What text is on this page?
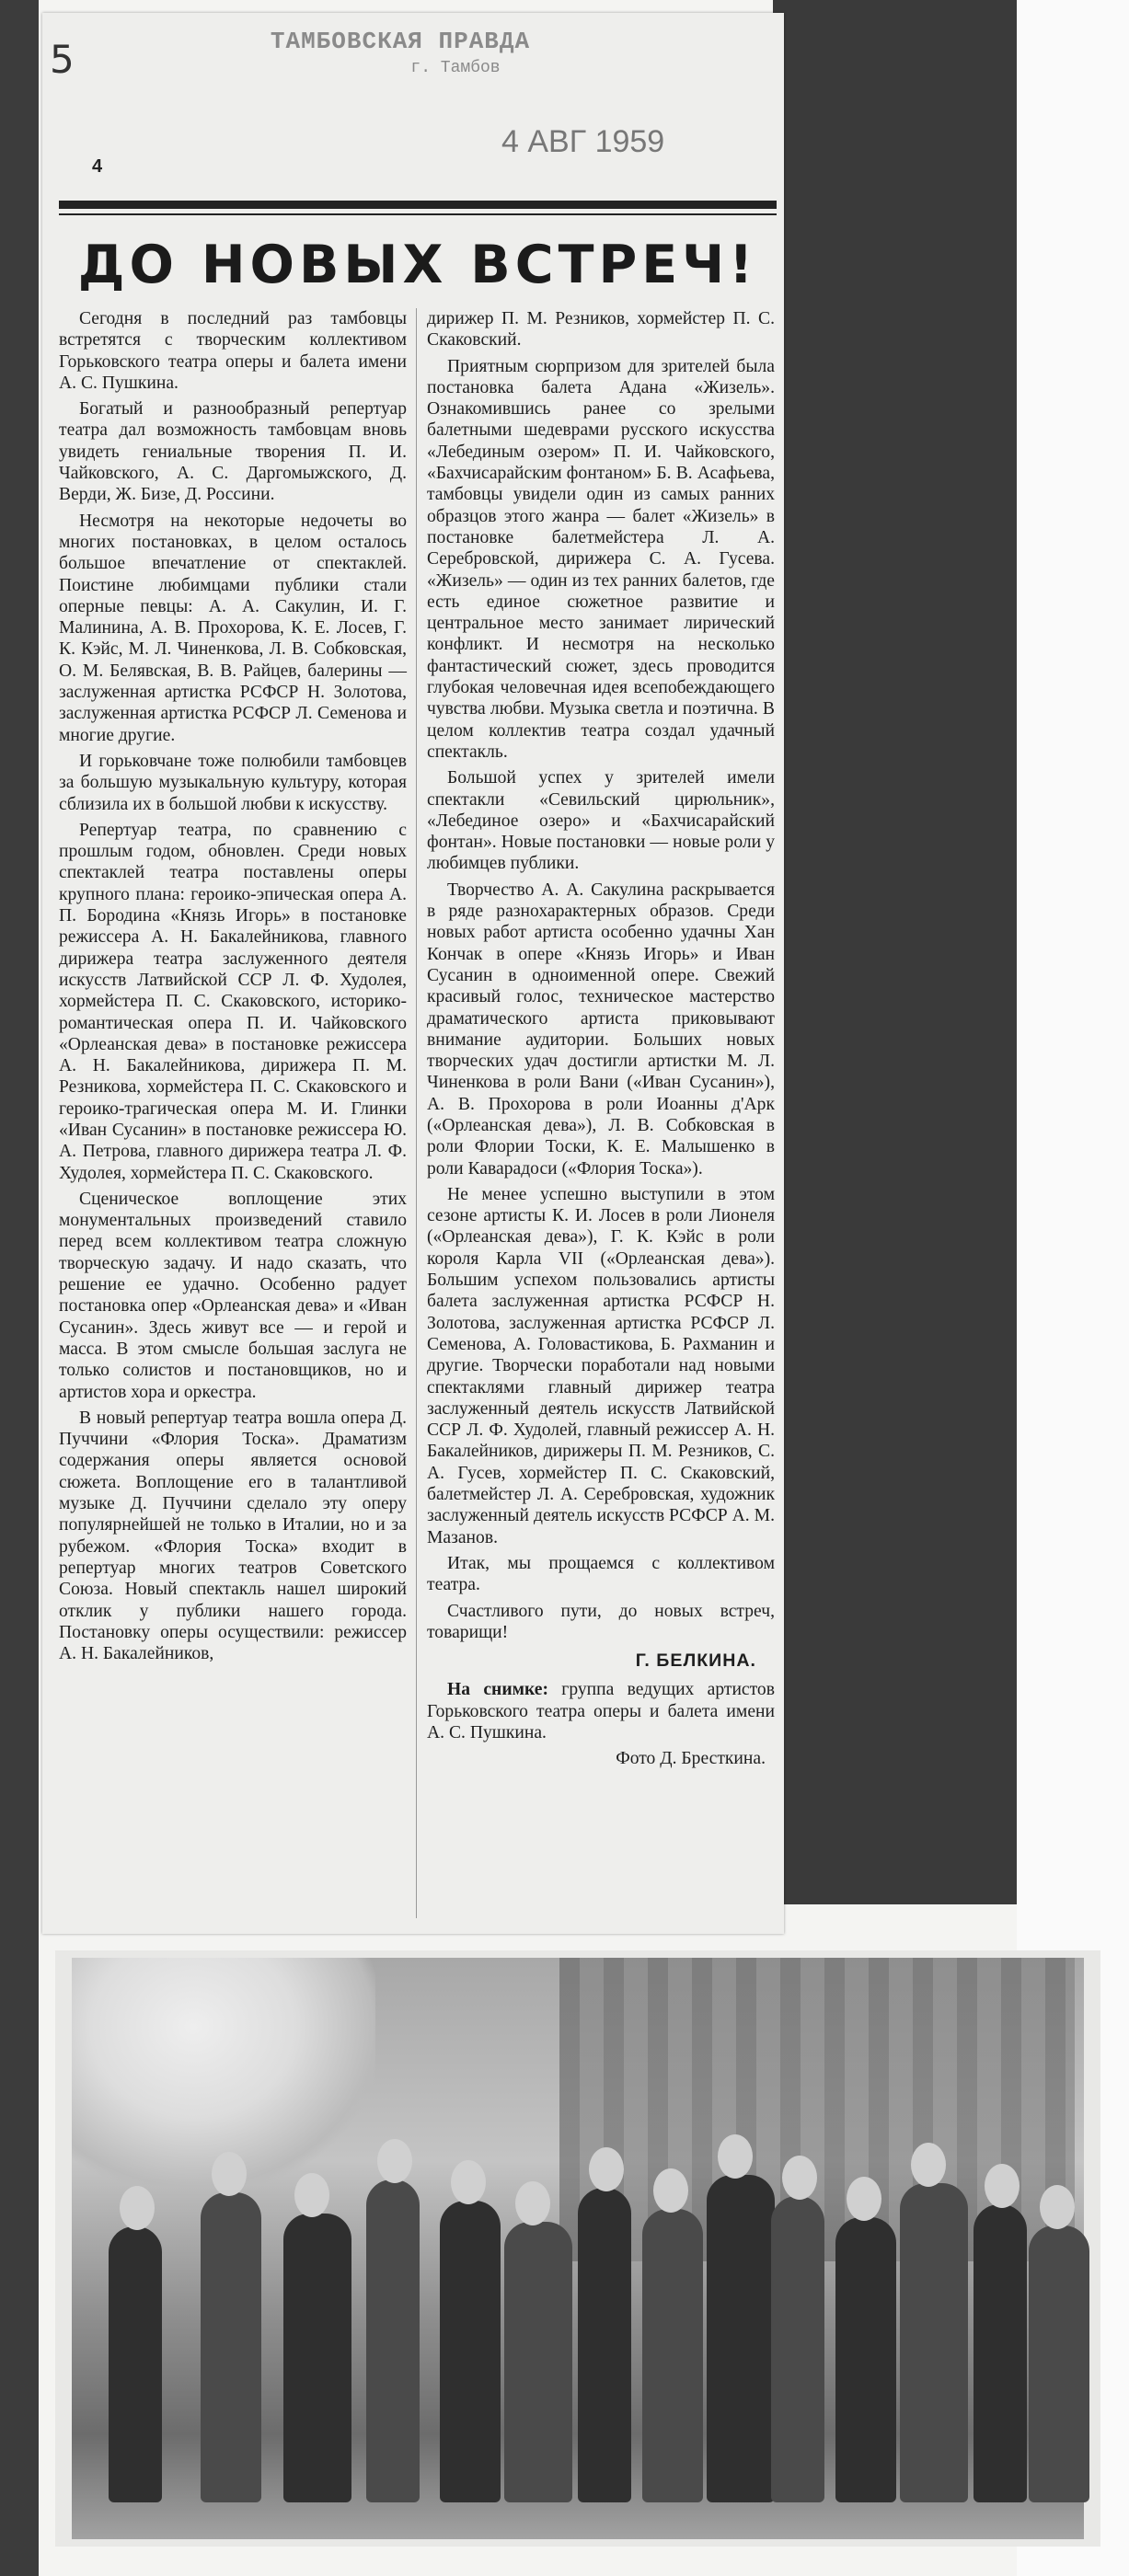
5	ТАМБОВСКАЯ ПРАВДА
г. Тамбов
4 АВГ 1959
4
ДО НОВЫХ ВСТРЕЧ!

Сегодня в последний раз тамбовцы встретятся с творческим коллективом Горьковского театра оперы и балета имени А. С. Пушкина.

Богатый и разнообразный репертуар театра дал возможность тамбовцам вновь увидеть гениальные творения П. И. Чайковского, А. С. Даргомыжского, Д. Верди, Ж. Бизе, Д. Россини.

Несмотря на некоторые недочеты во многих постановках, в целом осталось большое впечатление от спектаклей. Поистине любимцами публики стали оперные певцы: А. А. Сакулин, И. Г. Малинина, А. В. Прохорова, К. Е. Лосев, Г. К. Кэйс, М. Л. Чиненкова, Л. В. Собковская, О. М. Белявская, В. В. Райцев, балерины — заслуженная артистка РСФСР Н. Золотова, заслуженная артистка РСФСР Л. Семенова и многие другие.

И горьковчане тоже полюбили тамбовцев за большую музыкальную культуру, которая сблизила их в большой любви к искусству.

Репертуар театра, по сравнению с прошлым годом, обновлен. Среди новых спектаклей театра поставлены оперы крупного плана: героико-эпическая опера А. П. Бородина «Князь Игорь» в постановке режиссера А. Н. Бакалейникова, главного дирижера театра заслуженного деятеля искусств Латвийской ССР Л. Ф. Худолея, хормейстера П. С. Скаковского, историко-романтическая опера П. И. Чайковского «Орлеанская дева» в постановке режиссера А. Н. Бакалейникова, дирижера П. М. Резникова, хормейстера П. С. Скаковского и героико-трагическая опера М. И. Глинки «Иван Сусанин» в постановке режиссера Ю. А. Петрова, главного дирижера театра Л. Ф. Худолея, хормейстера П. С. Скаковского.

Сценическое воплощение этих монументальных произведений ставило перед всем коллективом театра сложную творческую задачу. И надо сказать, что решение ее удачно. Особенно радует постановка опер «Орлеанская дева» и «Иван Сусанин». Здесь живут все — и герой и масса. В этом смысле большая заслуга не только солистов и постановщиков, но и артистов хора и оркестра.

В новый репертуар театра вошла опера Д. Пуччини «Флория Тоска». Драматизм содержания оперы является основой сюжета. Воплощение его в талантливой музыке Д. Пуччини сделало эту оперу популярнейшей не только в Италии, но и за рубежом. «Флория Тоска» входит в репертуар многих театров Советского Союза. Новый спектакль нашел широкий отклик у публики нашего города. Постановку оперы осуществили: режиссер А. Н. Бакалейников,

дирижер П. М. Резников, хормейстер П. С. Скаковский.

Приятным сюрпризом для зрителей была постановка балета Адана «Жизель». Ознакомившись ранее со зрелыми балетными шедеврами русского искусства «Лебединым озером» П. И. Чайковского, «Бахчисарайским фонтаном» Б. В. Асафьева, тамбовцы увидели один из самых ранних образцов этого жанра — балет «Жизель» в постановке балетмейстера Л. А. Серебровской, дирижера С. А. Гусева. «Жизель» — один из тех ранних балетов, где есть единое сюжетное развитие и центральное место занимает лирический конфликт. И несмотря на несколько фантастический сюжет, здесь проводится глубокая человечная идея всепобеждающего чувства любви. Музыка светла и поэтична. В целом коллектив театра создал удачный спектакль.

Большой успех у зрителей имели спектакли «Севильский цирюльник», «Лебединое озеро» и «Бахчисарайский фонтан». Новые постановки — новые роли у любимцев публики.

Творчество А. А. Сакулина раскрывается в ряде разнохарактерных образов. Среди новых работ артиста особенно удачны Хан Кончак в опере «Князь Игорь» и Иван Сусанин в одноименной опере. Свежий красивый голос, техническое мастерство драматического артиста приковывают внимание аудитории. Больших новых творческих удач достигли артистки М. Л. Чиненкова в роли Вани («Иван Сусанин»), А. В. Прохорова в роли Иоанны д'Арк («Орлеанская дева»), Л. В. Собковская в роли Флории Тоски, К. Е. Малышенко в роли Каварадоси («Флория Тоска»).

Не менее успешно выступили в этом сезоне артисты К. И. Лосев в роли Лионеля («Орлеанская дева»), Г. К. Кэйс в роли короля Карла VII («Орлеанская дева»). Большим успехом пользовались артисты балета заслуженная артистка РСФСР Н. Золотова, заслуженная артистка РСФСР Л. Семенова, А. Головастикова, Б. Рахманин и другие. Творчески поработали над новыми спектаклями главный дирижер театра заслуженный деятель искусств Латвийской ССР Л. Ф. Худолей, главный режиссер А. Н. Бакалейников, дирижеры П. М. Резников, С. А. Гусев, хормейстер П. С. Скаковский, балетмейстер Л. А. Серебровская, художник заслуженный деятель искусств РСФСР А. М. Мазанов.

Итак, мы прощаемся с коллективом театра.

Счастливого пути, до новых встреч, товарищи!

Г. БЕЛКИНА.

На снимке: группа ведущих артистов Горьковского театра оперы и балета имени А. С. Пушкина.

Фото Д. Бресткина.
